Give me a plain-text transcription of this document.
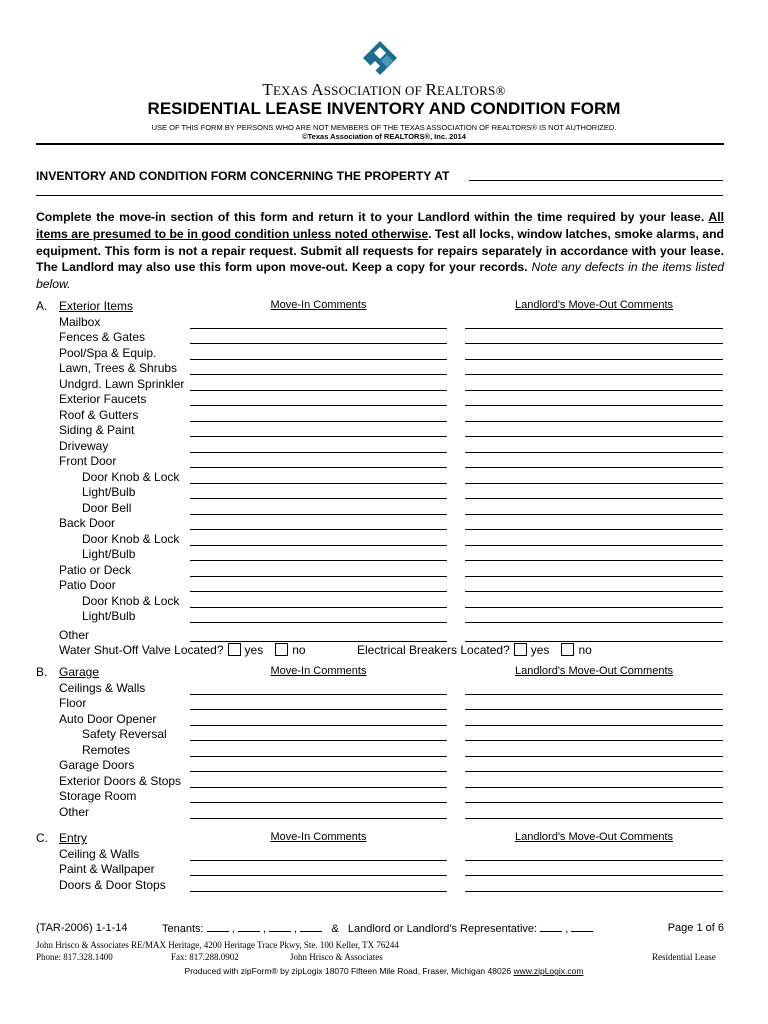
TEXAS ASSOCIATION OF REALTORS®
RESIDENTIAL LEASE INVENTORY AND CONDITION FORM
USE OF THIS FORM BY PERSONS WHO ARE NOT MEMBERS OF THE TEXAS ASSOCIATION OF REALTORS® IS NOT AUTHORIZED.
©Texas Association of REALTORS®, Inc. 2014
INVENTORY AND CONDITION FORM CONCERNING THE PROPERTY AT
Complete the move-in section of this form and return it to your Landlord within the time required by your lease. All items are presumed to be in good condition unless noted otherwise. Test all locks, window latches, smoke alarms, and equipment. This form is not a repair request. Submit all requests for repairs separately in accordance with your lease. The Landlord may also use this form upon move-out. Keep a copy for your records. Note any defects in the items listed below.
A. Exterior Items	Move-In Comments	Landlord's Move-Out Comments
Mailbox
Fences & Gates
Pool/Spa & Equip.
Lawn, Trees & Shrubs
Undgrd. Lawn Sprinkler
Exterior Faucets
Roof & Gutters
Siding & Paint
Driveway
Front Door
Door Knob & Lock
Light/Bulb
Door Bell
Back Door
Door Knob & Lock
Light/Bulb
Patio or Deck
Patio Door
Door Knob & Lock
Light/Bulb
Other
B. Garage	Move-In Comments	Landlord's Move-Out Comments
Ceilings & Walls
Floor
Auto Door Opener
Safety Reversal
Remotes
Garage Doors
Exterior Doors & Stops
Storage Room
Other
C. Entry	Move-In Comments	Landlord's Move-Out Comments
Ceiling & Walls
Paint & Wallpaper
Doors & Door Stops
Water Shut-Off Valve Located? yes no	Electrical Breakers Located? yes no
(TAR-2006) 1-1-14	Tenants:  ,  ,  ,	& Landlord or Landlord's Representative:  ,	Page 1 of 6
John Hrisco & Associates RE/MAX Heritage, 4200 Heritage Trace Pkwy, Ste. 100 Keller, TX 76244
Phone: 817.328.1400	Fax: 817.288.0902	John Hrisco & Associates	Residential Lease
Produced with zipForm® by zipLogix 18070 Fifteen Mile Road, Fraser, Michigan 48026 www.zipLogix.com
